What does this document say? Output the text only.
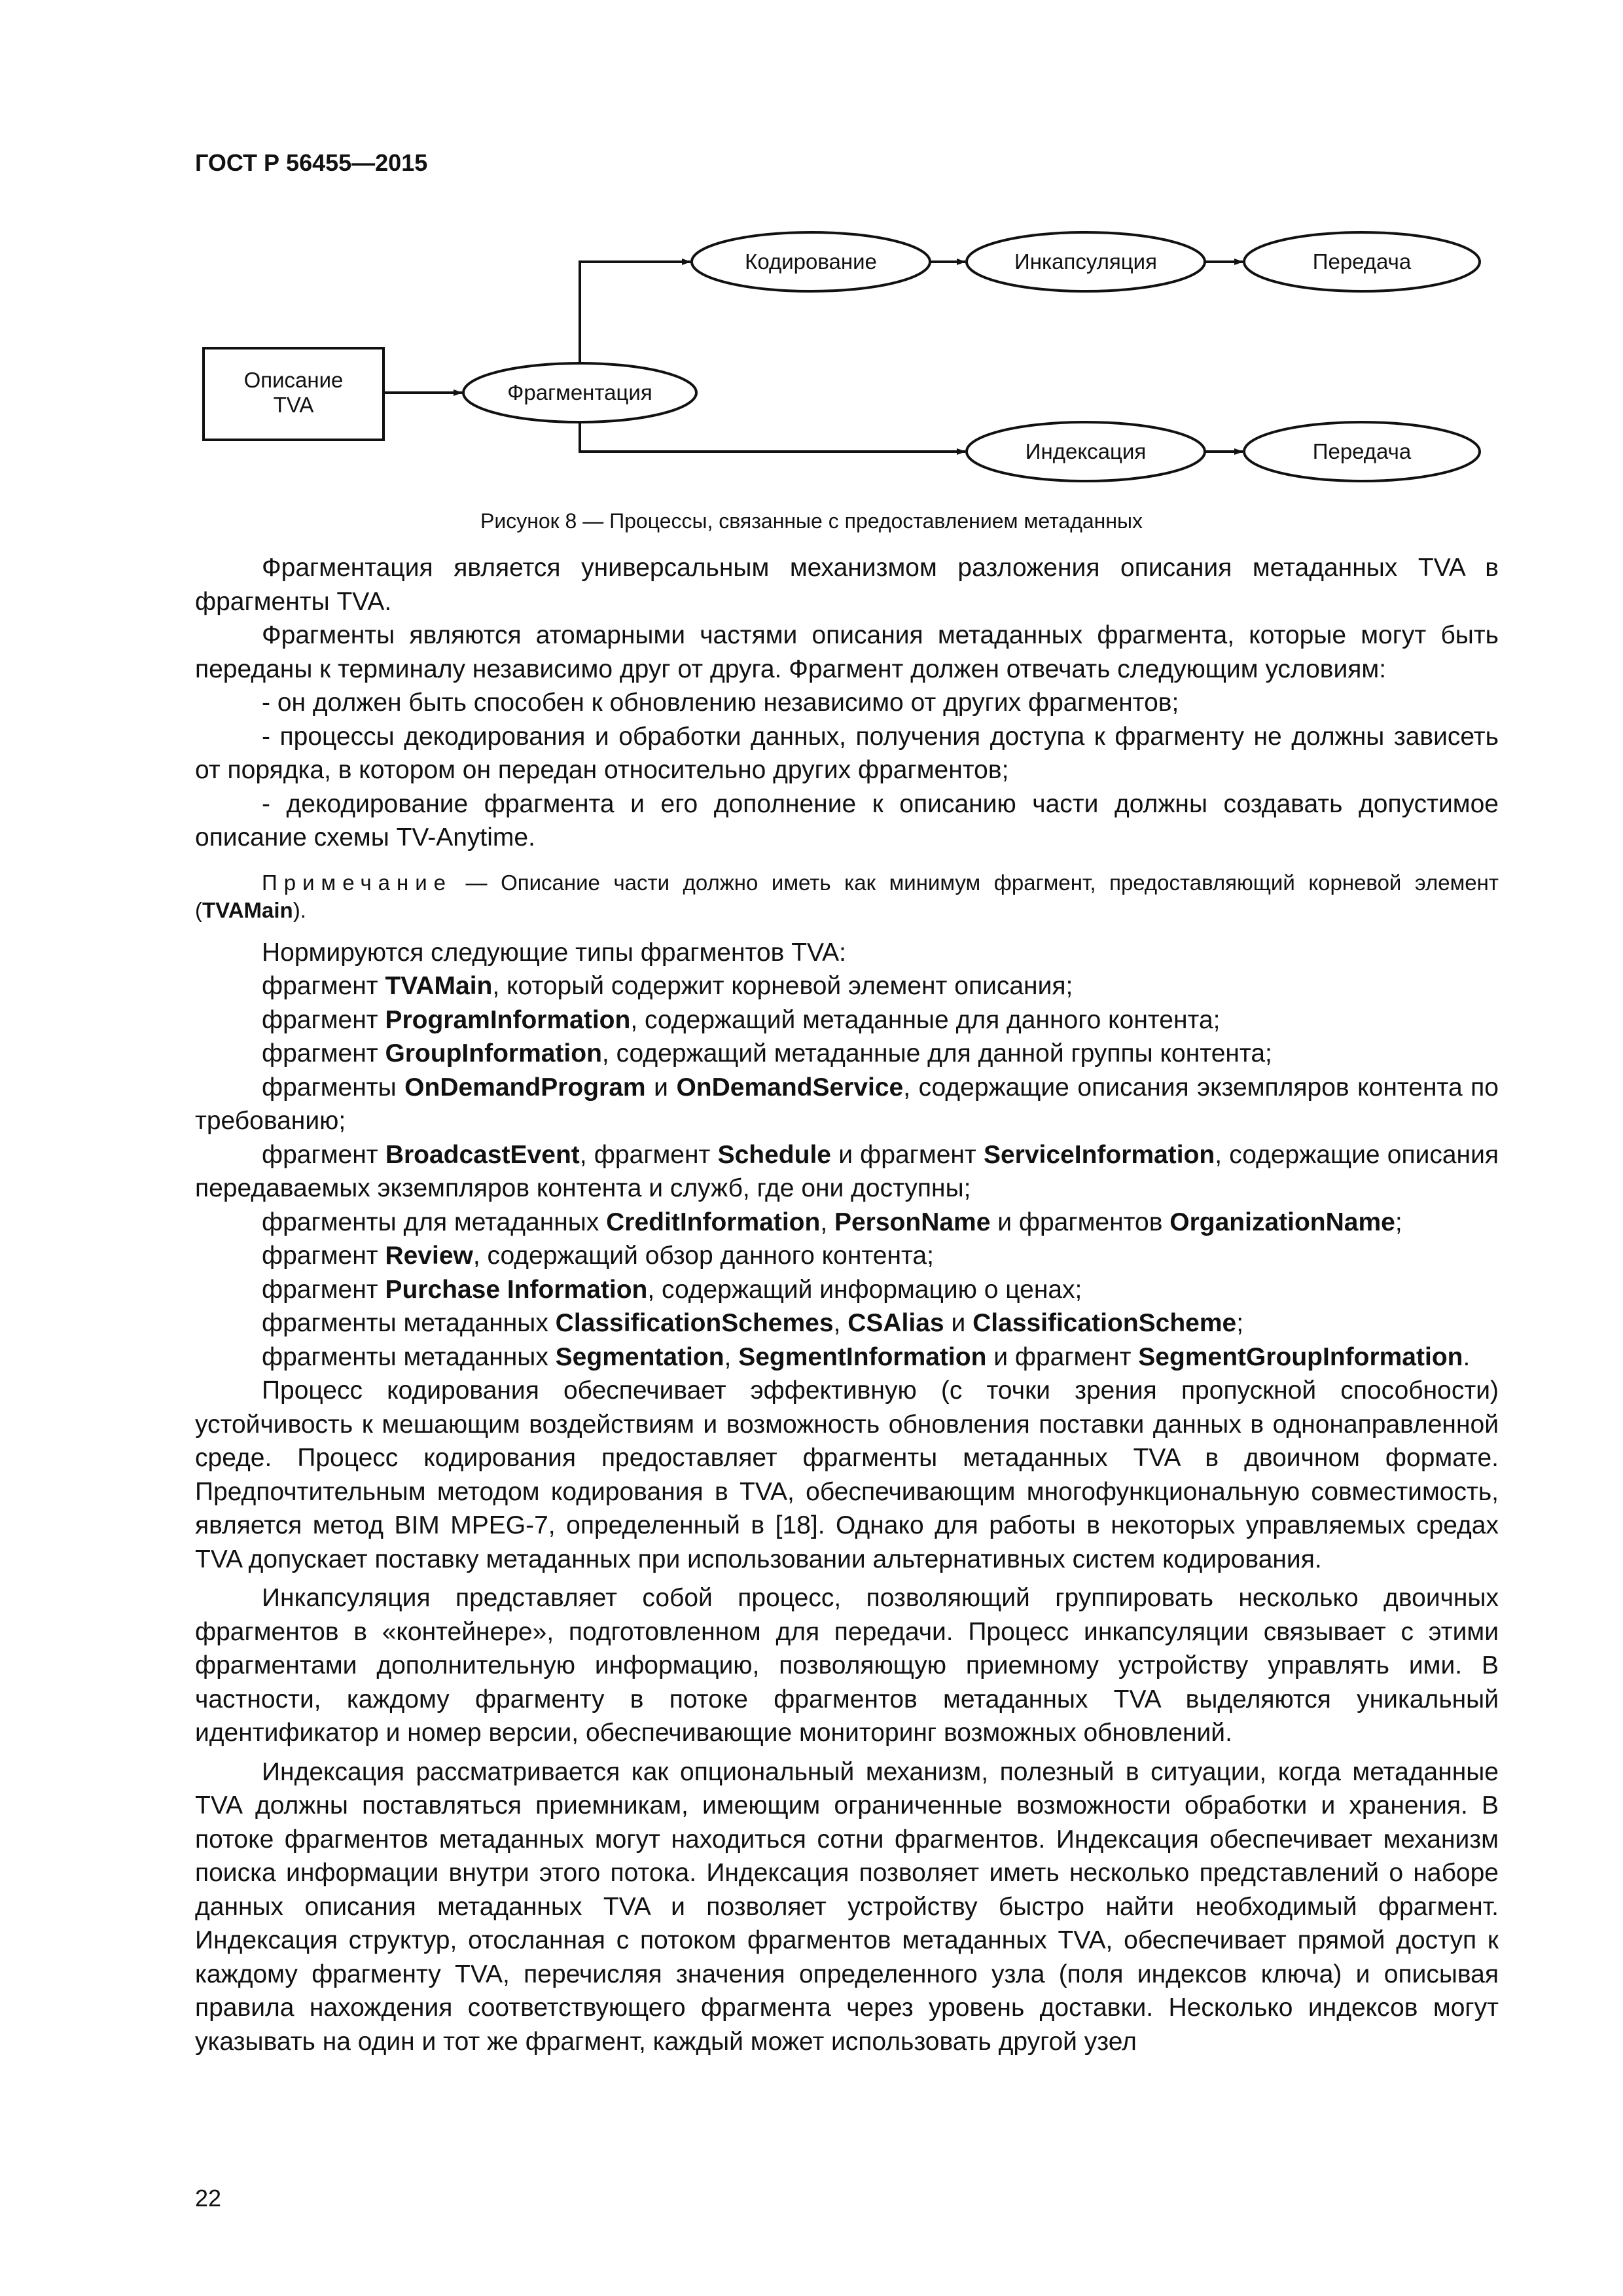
ГОСТ Р 56455—2015
Описание
TVA
Фрагментация
Кодирование	Инкапсуляция	Передача
Индексация	Передача
Рисунок 8 — Процессы, связанные с предоставлением метаданных

Фрагментация является универсальным механизмом разложения описания метаданных TVA в фрагменты TVA.

Фрагменты являются атомарными частями описания метаданных фрагмента, которые могут быть переданы к терминалу независимо друг от друга. Фрагмент должен отвечать следующим условиям:

- он должен быть способен к обновлению независимо от других фрагментов;

- процессы декодирования и обработки данных, получения доступа к фрагменту не должны зависеть от порядка, в котором он передан относительно других фрагментов;

- декодирование фрагмента и его дополнение к описанию части должны создавать допустимое описание схемы TV-Anytime.

Примечание — Описание части должно иметь как минимум фрагмент, предоставляющий корневой элемент (TVAMain).

Нормируются следующие типы фрагментов TVA:

фрагмент TVAMain, который содержит корневой элемент описания;

фрагмент ProgramInformation, содержащий метаданные для данного контента;

фрагмент GroupInformation, содержащий метаданные для данной группы контента;

фрагменты OnDemandProgram и OnDemandService, содержащие описания экземпляров контента по требованию;

фрагмент BroadcastEvent, фрагмент Schedule и фрагмент ServiceInformation, содержащие описания передаваемых экземпляров контента и служб, где они доступны;

фрагменты для метаданных CreditInformation, PersonName и фрагментов OrganizationName;

фрагмент Review, содержащий обзор данного контента;

фрагмент Purchase Information, содержащий информацию о ценах;

фрагменты метаданных ClassificationSchemes, CSAlias и ClassificationScheme;

фрагменты метаданных Segmentation, SegmentInformation и фрагмент SegmentGroupInformation.

Процесс кодирования обеспечивает эффективную (с точки зрения пропускной способности) устойчивость к мешающим воздействиям и возможность обновления поставки данных в однонаправленной среде. Процесс кодирования предоставляет фрагменты метаданных TVA в двоичном формате. Предпочтительным методом кодирования в TVA, обеспечивающим многофункциональную совместимость, является метод BIM MPEG-7, определенный в [18]. Однако для работы в некоторых управляемых средах TVA допускает поставку метаданных при использовании альтернативных систем кодирования.

Инкапсуляция представляет собой процесс, позволяющий группировать несколько двоичных фрагментов в «контейнере», подготовленном для передачи. Процесс инкапсуляции связывает с этими фрагментами дополнительную информацию, позволяющую приемному устройству управлять ими. В частности, каждому фрагменту в потоке фрагментов метаданных TVA выделяются уникальный идентификатор и номер версии, обеспечивающие мониторинг возможных обновлений.

Индексация рассматривается как опциональный механизм, полезный в ситуации, когда метаданные TVA должны поставляться приемникам, имеющим ограниченные возможности обработки и хранения. В потоке фрагментов метаданных могут находиться сотни фрагментов. Индексация обеспечивает механизм поиска информации внутри этого потока. Индексация позволяет иметь несколько представлений о наборе данных описания метаданных TVA и позволяет устройству быстро найти необходимый фрагмент. Индексация структур, отосланная с потоком фрагментов метаданных TVA, обеспечивает прямой доступ к каждому фрагменту TVA, перечисляя значения определенного узла (поля индексов ключа) и описывая правила нахождения соответствующего фрагмента через уровень доставки. Несколько индексов могут указывать на один и тот же фрагмент, каждый может использовать другой узел

22
